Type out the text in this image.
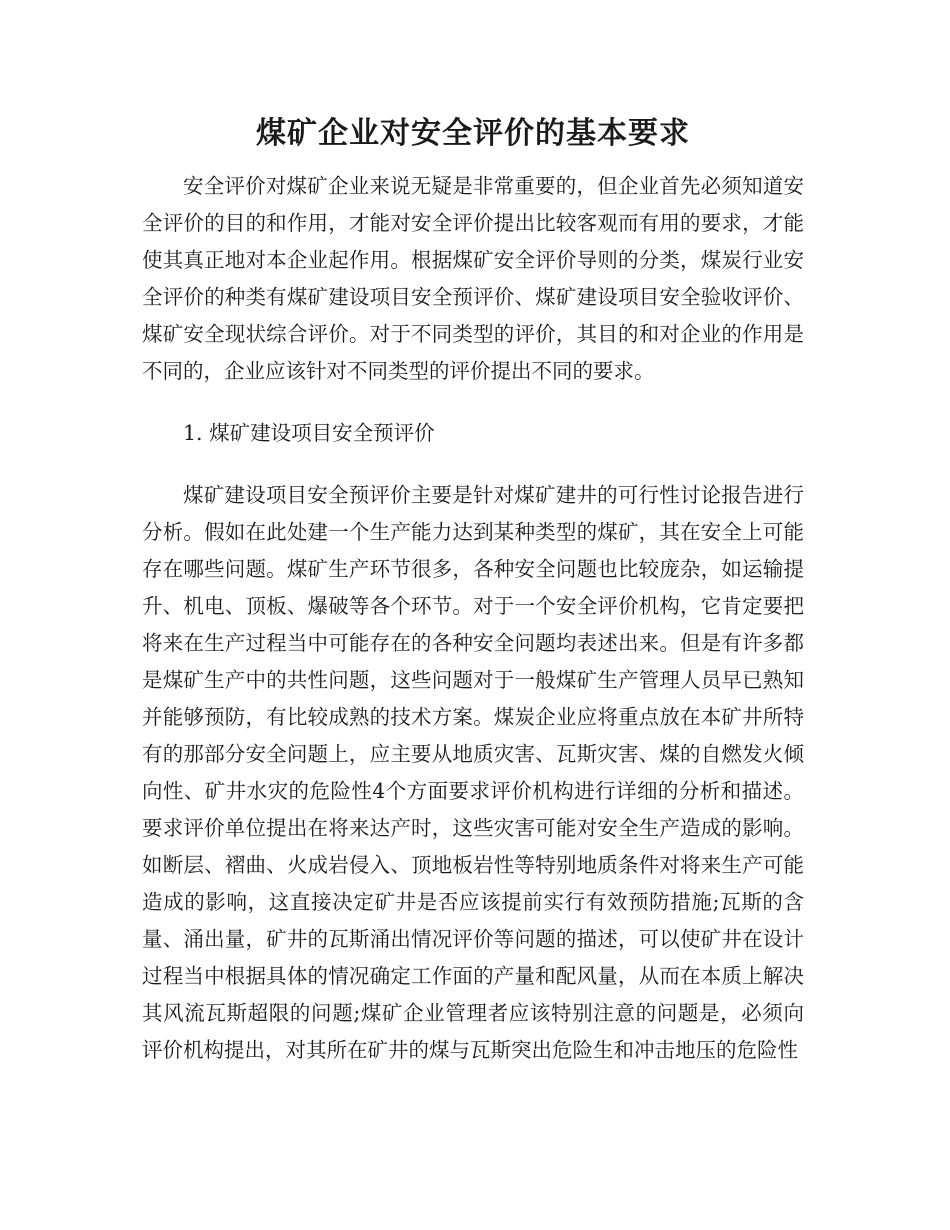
煤矿企业对安全评价的基本要求

安全评价对煤矿企业来说无疑是非常重要的，但企业首先必须知道安全评价的目的和作用，才能对安全评价提出比较客观而有用的要求，才能使其真正地对本企业起作用。根据煤矿安全评价导则的分类，煤炭行业安全评价的种类有煤矿建设项目安全预评价、煤矿建设项目安全验收评价、煤矿安全现状综合评价。对于不同类型的评价，其目的和对企业的作用是不同的，企业应该针对不同类型的评价提出不同的要求。

1. 煤矿建设项目安全预评价

煤矿建设项目安全预评价主要是针对煤矿建井的可行性讨论报告进行分析。假如在此处建一个生产能力达到某种类型的煤矿，其在安全上可能存在哪些问题。煤矿生产环节很多，各种安全问题也比较庞杂，如运输提升、机电、顶板、爆破等各个环节。对于一个安全评价机构，它肯定要把将来在生产过程当中可能存在的各种安全问题均表述出来。但是有许多都是煤矿生产中的共性问题，这些问题对于一般煤矿生产管理人员早已熟知并能够预防，有比较成熟的技术方案。煤炭企业应将重点放在本矿井所特有的那部分安全问题上，应主要从地质灾害、瓦斯灾害、煤的自燃发火倾向性、矿井水灾的危险性4个方面要求评价机构进行详细的分析和描述。要求评价单位提出在将来达产时，这些灾害可能对安全生产造成的影响。如断层、褶曲、火成岩侵入、顶地板岩性等特别地质条件对将来生产可能造成的影响，这直接决定矿井是否应该提前实行有效预防措施;瓦斯的含量、涌出量，矿井的瓦斯涌出情况评价等问题的描述，可以使矿井在设计过程当中根据具体的情况确定工作面的产量和配风量，从而在本质上解决其风流瓦斯超限的问题;煤矿企业管理者应该特别注意的问题是，必须向评价机构提出，对其所在矿井的煤与瓦斯突出危险生和冲击地压的危险性
